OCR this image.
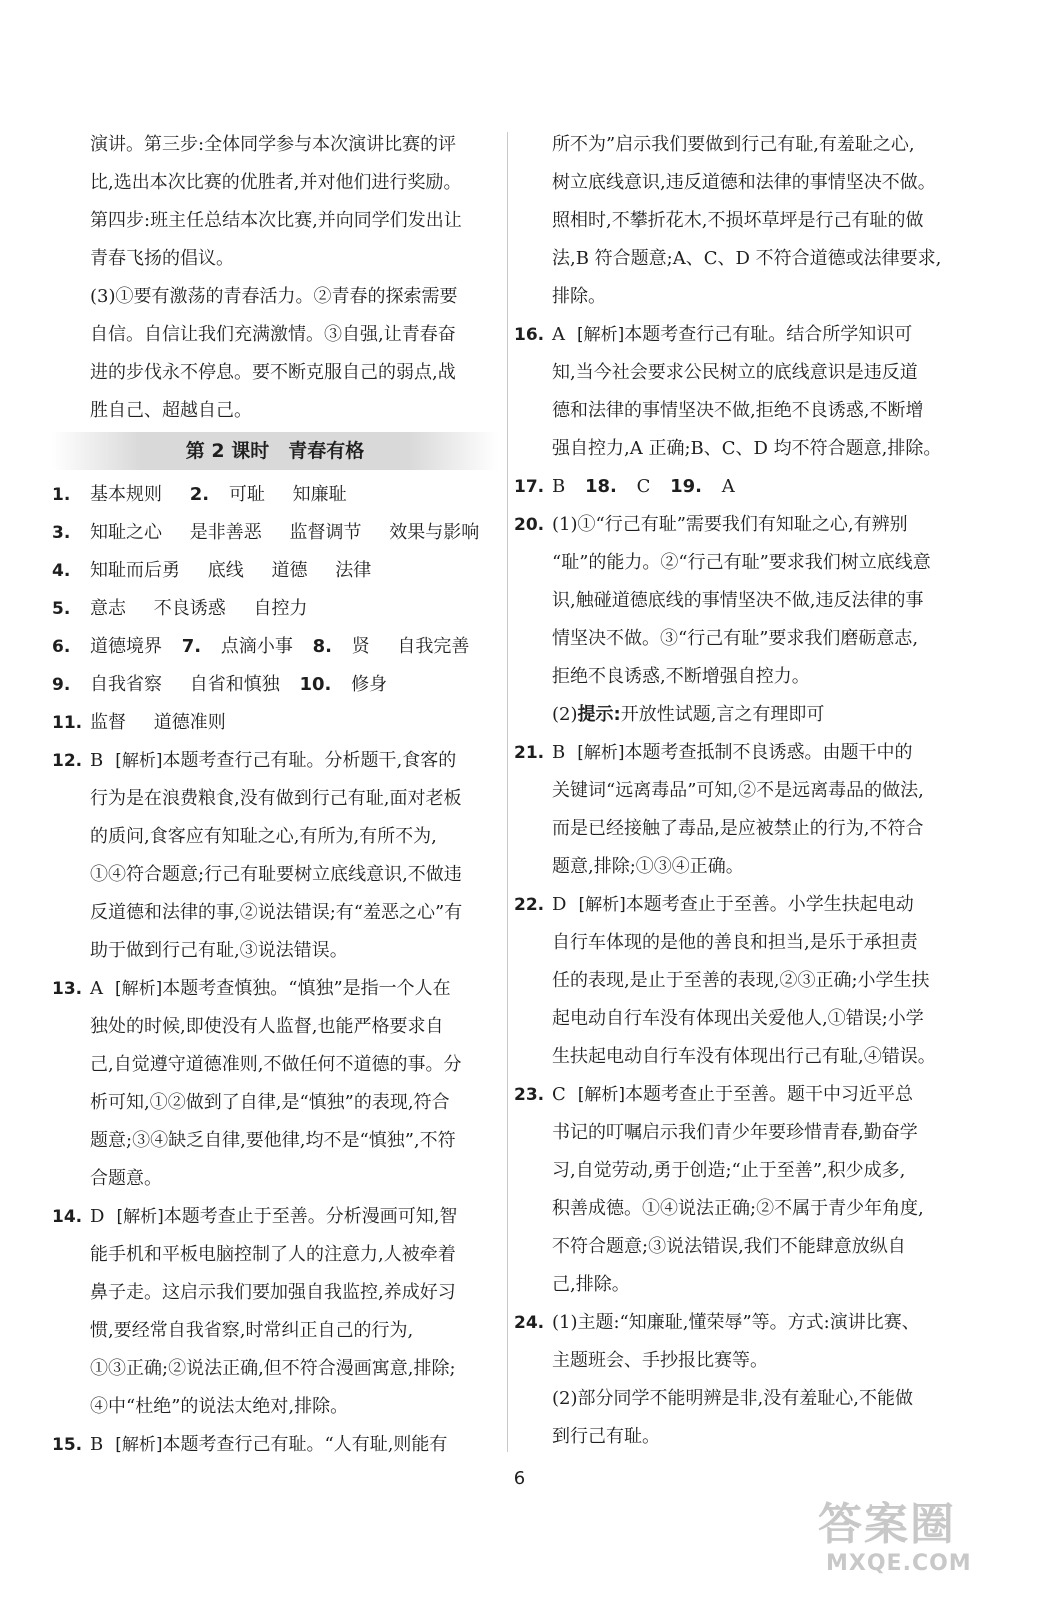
演讲。第三步:全体同学参与本次演讲比赛的评
比,选出本次比赛的优胜者,并对他们进行奖励。
第四步:班主任总结本次比赛,并向同学们发出让
青春飞扬的倡议。
(3)①要有激荡的青春活力。②青春的探索需要
自信。自信让我们充满激情。③自强,让青春奋
进的步伐永不停息。要不断克服自己的弱点,战
胜自己、超越自己。
第 2 课时　青春有格
1.	基本规则 2. 可耻 知廉耻
3.	知耻之心 是非善恶 监督调节 效果与影响
4.	知耻而后勇 底线 道德 法律
5.	意志 不良诱惑 自控力
6.	道德境界 7. 点滴小事 8. 贤 自我完善
9.	自我省察 自省和慎独 10. 修身
11. 监督 道德准则
12. B [解析]本题考查行己有耻。分析题干,食客的
行为是在浪费粮食,没有做到行己有耻,面对老板
的质问,食客应有知耻之心,有所为,有所不为,
①④符合题意;行己有耻要树立底线意识,不做违
反道德和法律的事,②说法错误;有“羞恶之心”有
助于做到行己有耻,③说法错误。
13. A [解析]本题考查慎独。“慎独”是指一个人在
独处的时候,即使没有人监督,也能严格要求自
己,自觉遵守道德准则,不做任何不道德的事。分
析可知,①②做到了自律,是“慎独”的表现,符合
题意;③④缺乏自律,要他律,均不是“慎独”,不符
合题意。
14. D [解析]本题考查止于至善。分析漫画可知,智
能手机和平板电脑控制了人的注意力,人被牵着
鼻子走。这启示我们要加强自我监控,养成好习
惯,要经常自我省察,时常纠正自己的行为,
①③正确;②说法正确,但不符合漫画寓意,排除;
④中“杜绝”的说法太绝对,排除。
15. B [解析]本题考查行己有耻。“人有耻,则能有
所不为”启示我们要做到行己有耻,有羞耻之心,
树立底线意识,违反道德和法律的事情坚决不做。
照相时,不攀折花木,不损坏草坪是行己有耻的做
法,B 符合题意;A、C、D 不符合道德或法律要求,
排除。
16. A [解析]本题考查行己有耻。结合所学知识可
知,当今社会要求公民树立的底线意识是违反道
德和法律的事情坚决不做,拒绝不良诱惑,不断增
强自控力,A 正确;B、C、D 均不符合题意,排除。
17. B 18. C 19. A
20. (1)①“行己有耻”需要我们有知耻之心,有辨别
“耻”的能力。②“行己有耻”要求我们树立底线意
识,触碰道德底线的事情坚决不做,违反法律的事
情坚决不做。③“行己有耻”要求我们磨砺意志,
拒绝不良诱惑,不断增强自控力。
(2)提示:开放性试题,言之有理即可
21. B [解析]本题考查抵制不良诱惑。由题干中的
关键词“远离毒品”可知,②不是远离毒品的做法,
而是已经接触了毒品,是应被禁止的行为,不符合
题意,排除;①③④正确。
22. D [解析]本题考查止于至善。小学生扶起电动
自行车体现的是他的善良和担当,是乐于承担责
任的表现,是止于至善的表现,②③正确;小学生扶
起电动自行车没有体现出关爱他人,①错误;小学
生扶起电动自行车没有体现出行己有耻,④错误。
23. C [解析]本题考查止于至善。题干中习近平总
书记的叮嘱启示我们青少年要珍惜青春,勤奋学
习,自觉劳动,勇于创造;“止于至善”,积少成多,
积善成德。①④说法正确;②不属于青少年角度,
不符合题意;③说法错误,我们不能肆意放纵自
己,排除。
24. (1)主题:“知廉耻,懂荣辱”等。方式:演讲比赛、
主题班会、手抄报比赛等。
(2)部分同学不能明辨是非,没有羞耻心,不能做
到行己有耻。
6
答案圈
MXQE.COM
